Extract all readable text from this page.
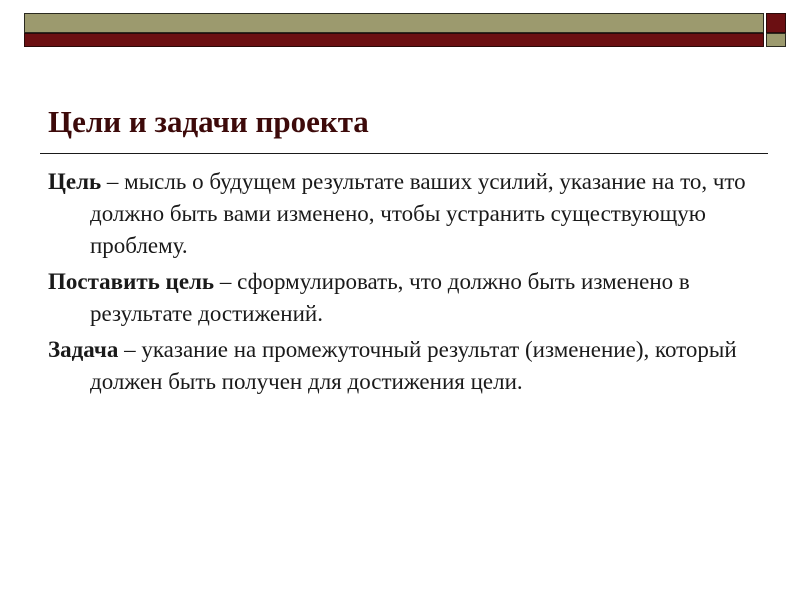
Цели и задачи проекта

Цель – мысль о будущем результате ваших усилий, указание на то, что должно быть вами изменено, чтобы устранить существующую проблему.

Поставить цель – сформулировать, что должно быть изменено в результате достижений.

Задача – указание на промежуточный результат (изменение), который должен быть получен для достижения цели.
